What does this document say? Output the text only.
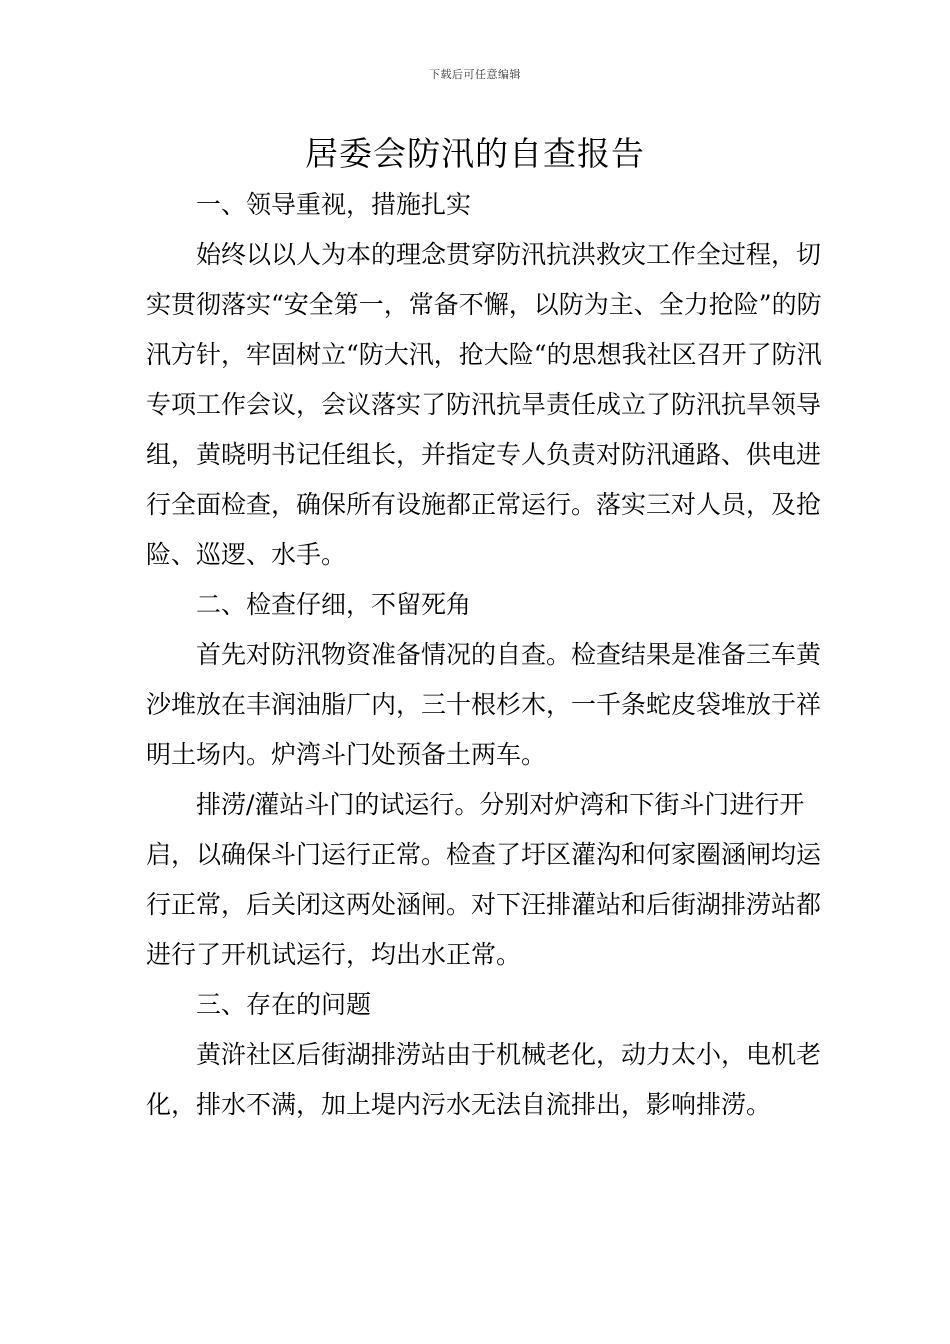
下载后可任意编辑
居委会防汛的自查报告

一、领导重视，措施扎实

始终以以人为本的理念贯穿防汛抗洪救灾工作全过程，切实贯彻落实“安全第一，常备不懈，以防为主、全力抢险”的防汛方针，牢固树立“防大汛，抢大险“的思想我社区召开了防汛专项工作会议，会议落实了防汛抗旱责任成立了防汛抗旱领导组，黄晓明书记任组长，并指定专人负责对防汛通路、供电进行全面检查，确保所有设施都正常运行。落实三对人员，及抢险、巡逻、水手。

二、检查仔细，不留死角

首先对防汛物资准备情况的自查。检查结果是准备三车黄沙堆放在丰润油脂厂内，三十根杉木，一千条蛇皮袋堆放于祥明土场内。炉湾斗门处预备土两车。

排涝/灌站斗门的试运行。分别对炉湾和下街斗门进行开启，以确保斗门运行正常。检查了圩区灌沟和何家圈涵闸均运行正常，后关闭这两处涵闸。对下汪排灌站和后街湖排涝站都进行了开机试运行，均出水正常。

三、存在的问题

黄浒社区后街湖排涝站由于机械老化，动力太小，电机老化，排水不满，加上堤内污水无法自流排出，影响排涝。
